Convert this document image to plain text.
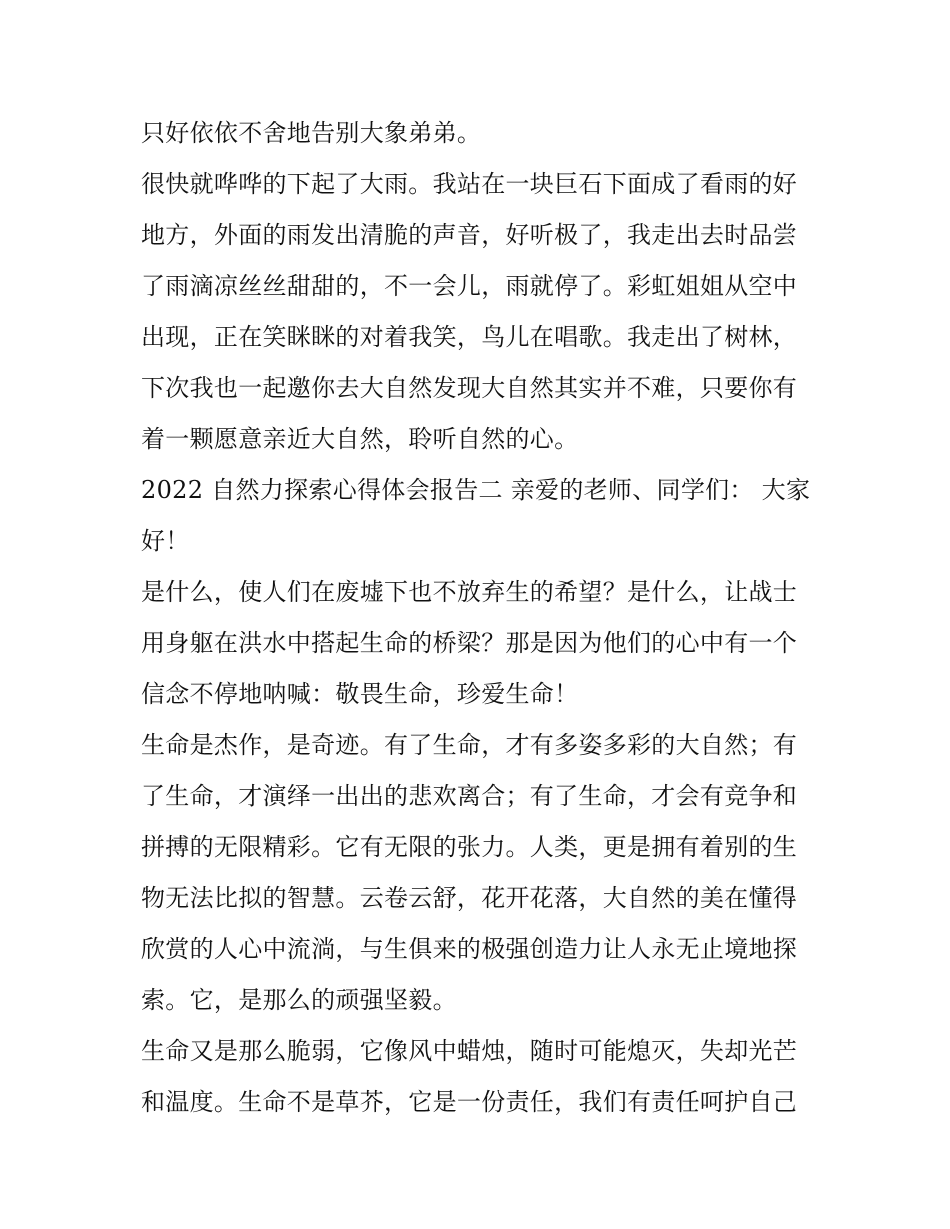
只好依依不舍地告别大象弟弟。
很快就哗哗的下起了大雨。我站在一块巨石下面成了看雨的好
地方，外面的雨发出清脆的声音，好听极了，我走出去时品尝
了雨滴凉丝丝甜甜的，不一会儿，雨就停了。彩虹姐姐从空中
出现，正在笑眯眯的对着我笑，鸟儿在唱歌。我走出了树林，
下次我也一起邀你去大自然发现大自然其实并不难，只要你有
着一颗愿意亲近大自然，聆听自然的心。
2022 自然力探索心得体会报告二 亲爱的老师、同学们： 大家
好！
是什么，使人们在废墟下也不放弃生的希望？是什么，让战士
用身躯在洪水中搭起生命的桥梁？那是因为他们的心中有一个
信念不停地呐喊：敬畏生命，珍爱生命！
生命是杰作，是奇迹。有了生命，才有多姿多彩的大自然；有
了生命，才演绎一出出的悲欢离合；有了生命，才会有竞争和
拼搏的无限精彩。它有无限的张力。人类，更是拥有着别的生
物无法比拟的智慧。云卷云舒，花开花落，大自然的美在懂得
欣赏的人心中流淌，与生俱来的极强创造力让人永无止境地探
索。它，是那么的顽强坚毅。
生命又是那么脆弱，它像风中蜡烛，随时可能熄灭，失却光芒
和温度。生命不是草芥，它是一份责任，我们有责任呵护自己
